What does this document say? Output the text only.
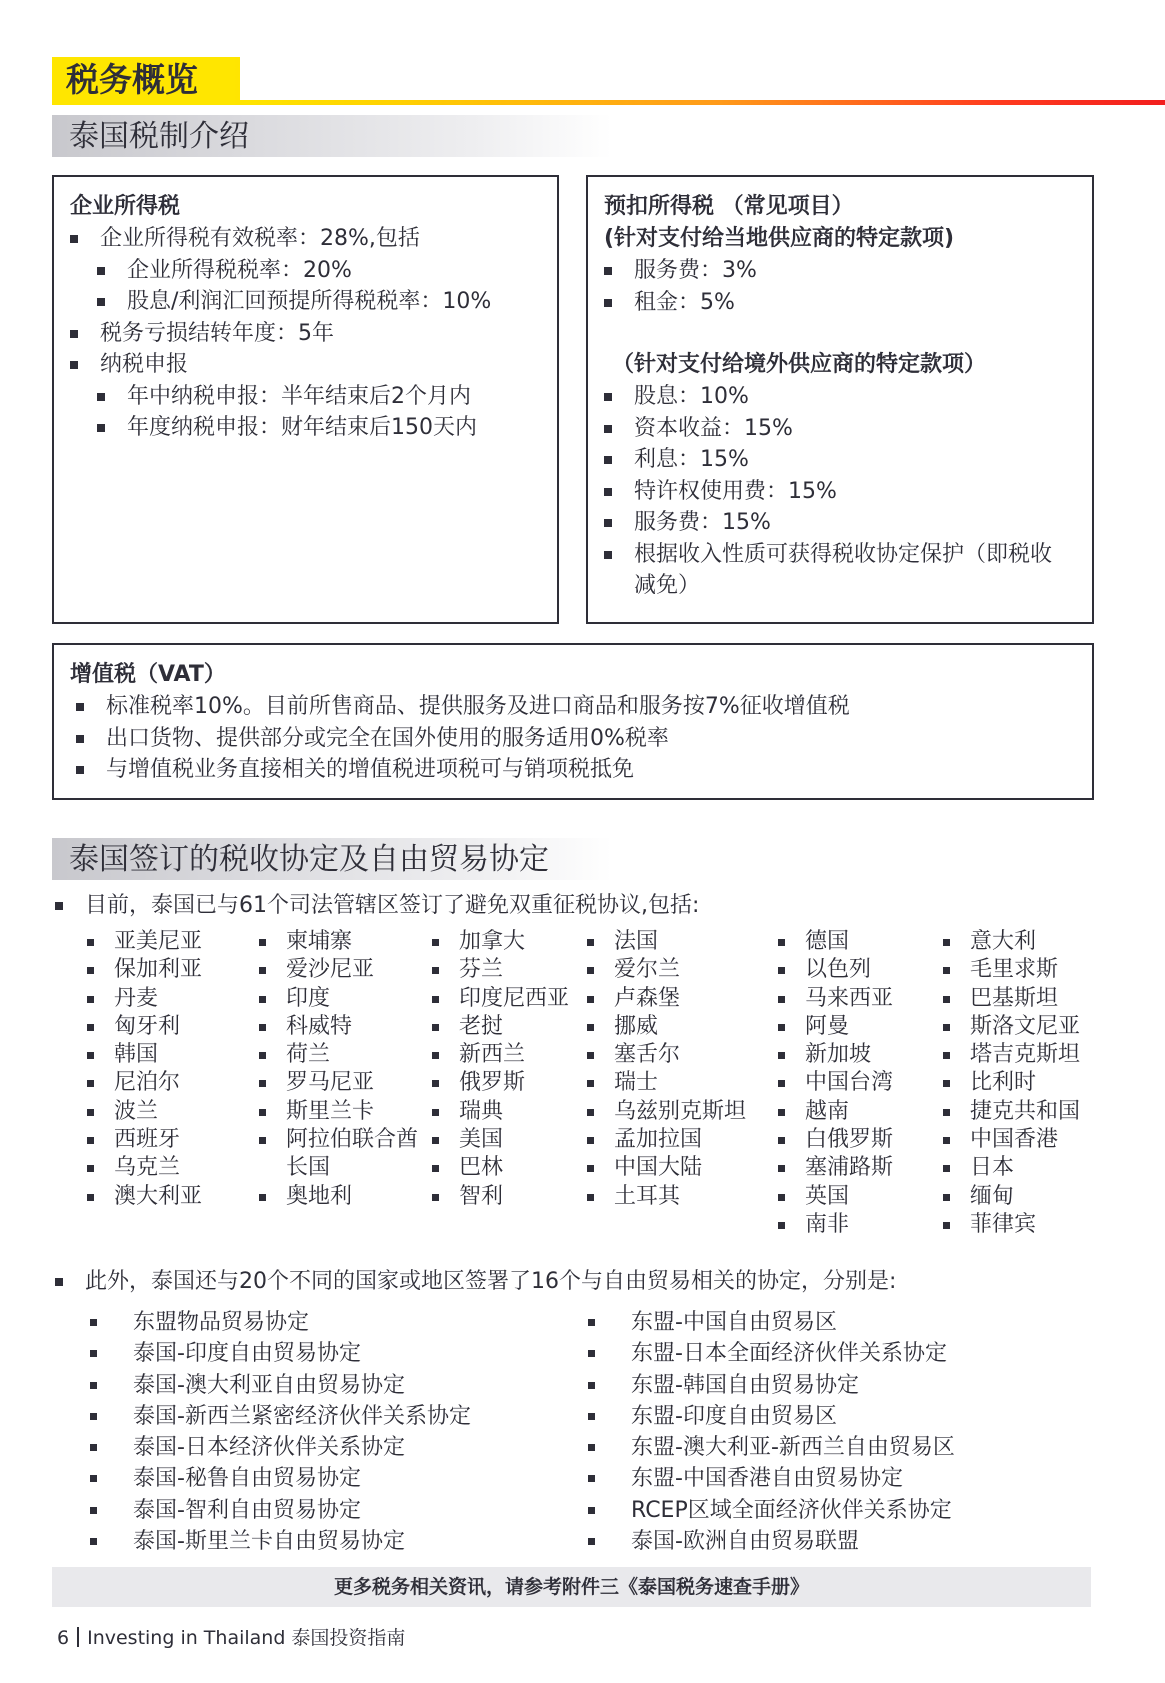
税务概览
泰国税制介绍
企业所得税
企业所得税有效税率：28%,包括
企业所得税税率：20%
股息/利润汇回预提所得税税率：10%
税务亏损结转年度：5年
纳税申报
年中纳税申报：半年结束后2个月内
年度纳税申报：财年结束后150天内
预扣所得税 （常见项目）
(针对支付给当地供应商的特定款项)
服务费：3%
租金：5%
（针对支付给境外供应商的特定款项）
股息：10%
资本收益：15%
利息：15%
特许权使用费：15%
服务费：15%
根据收入性质可获得税收协定保护（即税收减免）
增值税（VAT）
标准税率10%。目前所售商品、提供服务及进口商品和服务按7%征收增值税
出口货物、提供部分或完全在国外使用的服务适用0%税率
与增值税业务直接相关的增值税进项税可与销项税抵免
泰国签订的税收协定及自由贸易协定
目前，泰国已与61个司法管辖区签订了避免双重征税协议,包括:
亚美尼亚
保加利亚
丹麦
匈牙利
韩国
尼泊尔
波兰
西班牙
乌克兰
澳大利亚
柬埔寨
爱沙尼亚
印度
科威特
荷兰
罗马尼亚
斯里兰卡
阿拉伯联合酋长国
奥地利
加拿大
芬兰
印度尼西亚
老挝
新西兰
俄罗斯
瑞典
美国
巴林
智利
法国
爱尔兰
卢森堡
挪威
塞舌尔
瑞士
乌兹别克斯坦
孟加拉国
中国大陆
土耳其
德国
以色列
马来西亚
阿曼
新加坡
中国台湾
越南
白俄罗斯
塞浦路斯
英国
南非
意大利
毛里求斯
巴基斯坦
斯洛文尼亚
塔吉克斯坦
比利时
捷克共和国
中国香港
日本
缅甸
菲律宾
此外，泰国还与20个不同的国家或地区签署了16个与自由贸易相关的协定，分别是:
东盟物品贸易协定
泰国-印度自由贸易协定
泰国-澳大利亚自由贸易协定
泰国-新西兰紧密经济伙伴关系协定
泰国-日本经济伙伴关系协定
泰国-秘鲁自由贸易协定
泰国-智利自由贸易协定
泰国-斯里兰卡自由贸易协定
东盟-中国自由贸易区
东盟-日本全面经济伙伴关系协定
东盟-韩国自由贸易协定
东盟-印度自由贸易区
东盟-澳大利亚-新西兰自由贸易区
东盟-中国香港自由贸易协定
RCEP区域全面经济伙伴关系协定
泰国-欧洲自由贸易联盟
更多税务相关资讯，请参考附件三《泰国税务速查手册》
6 Investing in Thailand 泰国投资指南
